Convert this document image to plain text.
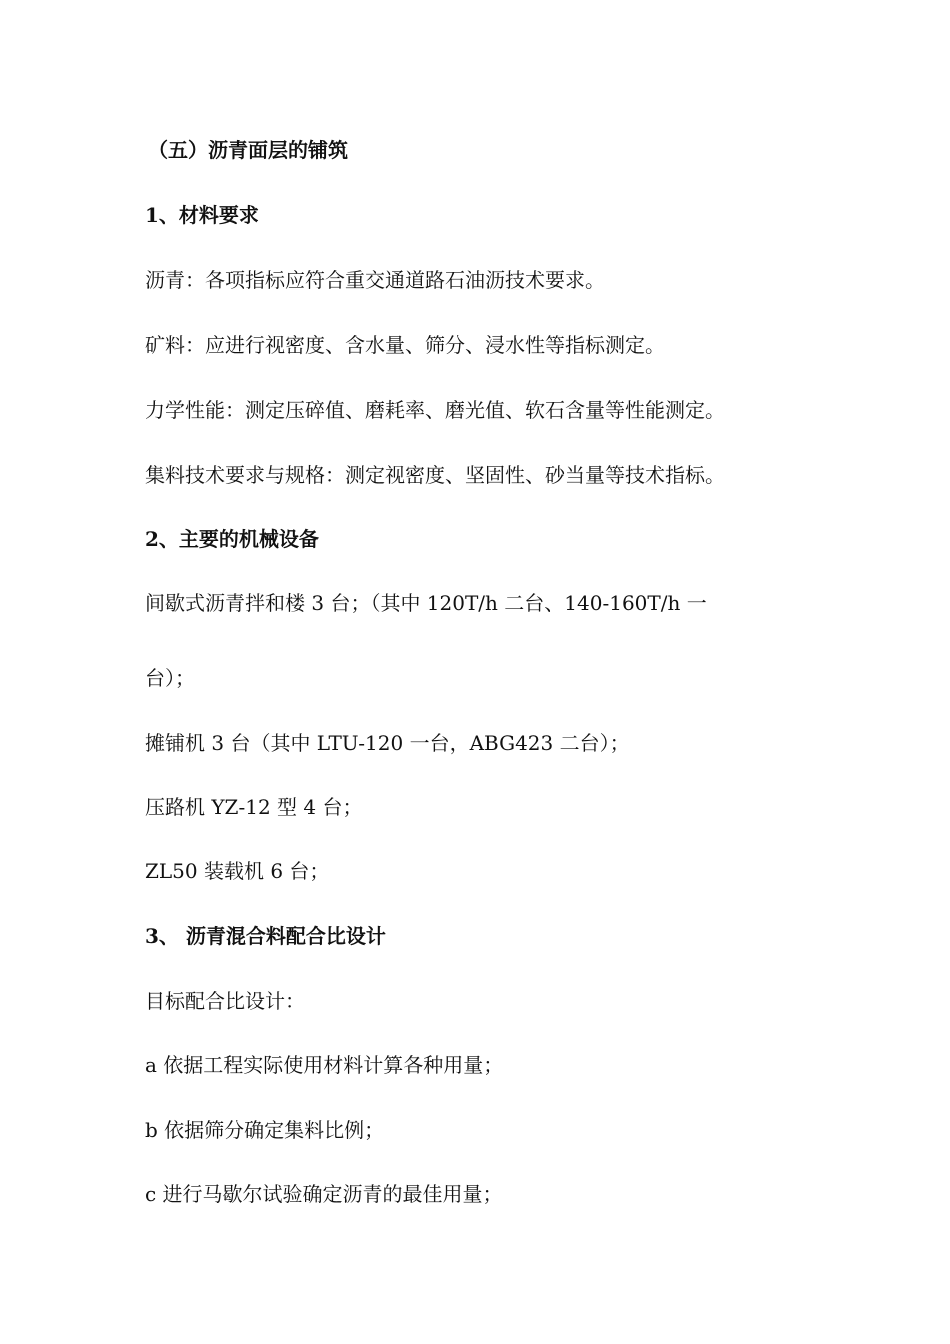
（五）沥青面层的铺筑
1、材料要求
沥青：各项指标应符合重交通道路石油沥技术要求。
矿料：应进行视密度、含水量、筛分、浸水性等指标测定。
力学性能：测定压碎值、磨耗率、磨光值、软石含量等性能测定。
集料技术要求与规格：测定视密度、坚固性、砂当量等技术指标。
2、主要的机械设备
间歇式沥青拌和楼 3 台；（其中 120T/h 二台、140-160T/h 一
台）；
摊铺机 3 台（其中 LTU-120 一台，ABG423 二台）；
压路机 YZ-12 型 4 台；
ZL50 装载机 6 台；
3、 沥青混合料配合比设计
目标配合比设计：
a 依据工程实际使用材料计算各种用量；
b 依据筛分确定集料比例；
c 进行马歇尔试验确定沥青的最佳用量；
